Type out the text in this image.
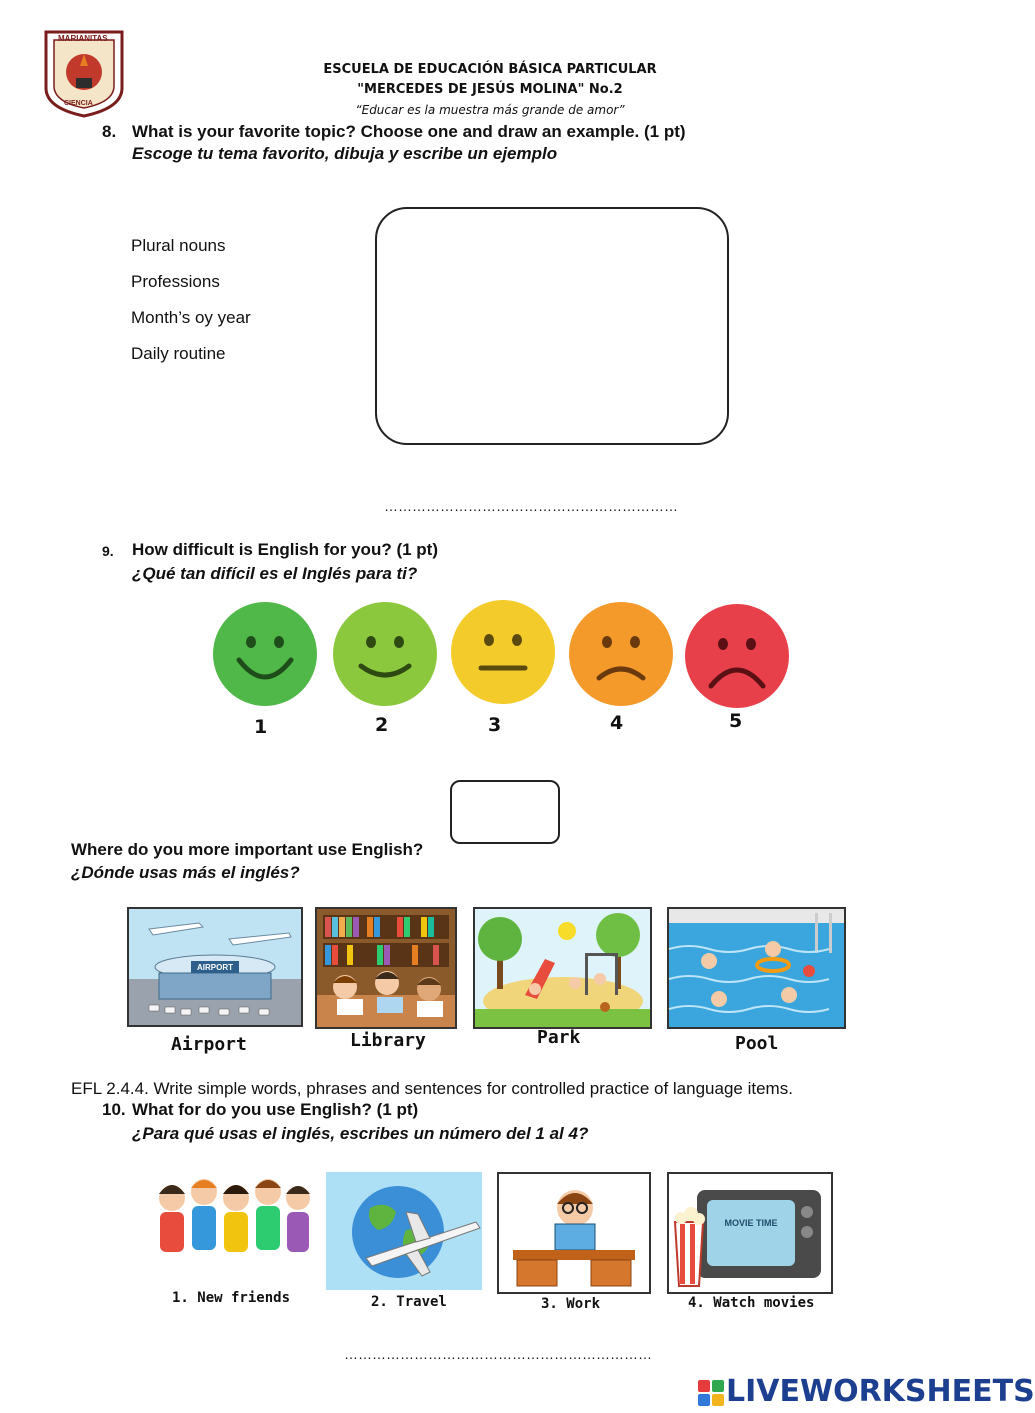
MARIANITAS
CIENCIA
ESCUELA DE EDUCACIÓN BÁSICA PARTICULAR
"MERCEDES DE JESÚS MOLINA" No.2
“Educar es la muestra más grande de amor”
8. What is your favorite topic? Choose one and draw an example. (1 pt)
Escoge tu tema favorito, dibuja y escribe un ejemplo
Plural nouns
Professions
Month’s oy year
Daily routine
………………………………………………………
9. How difficult is English for you? (1 pt)
¿Qué tan difícil es el Inglés para ti?
1	2	3	4	5
Where do you more important use English?
¿Dónde usas más el inglés?
AIRPORT
Airport	Library	Park	Pool
EFL 2.4.4. Write simple words, phrases and sentences for controlled practice of language items.
10. What for do you use English? (1 pt)
¿Para qué usas el inglés, escribes un número del 1 al 4?
1. New friends	2. Travel	3. Work
MOVIE TIME
4. Watch movies
…………………………………………………………
LIVEWORKSHEETS
